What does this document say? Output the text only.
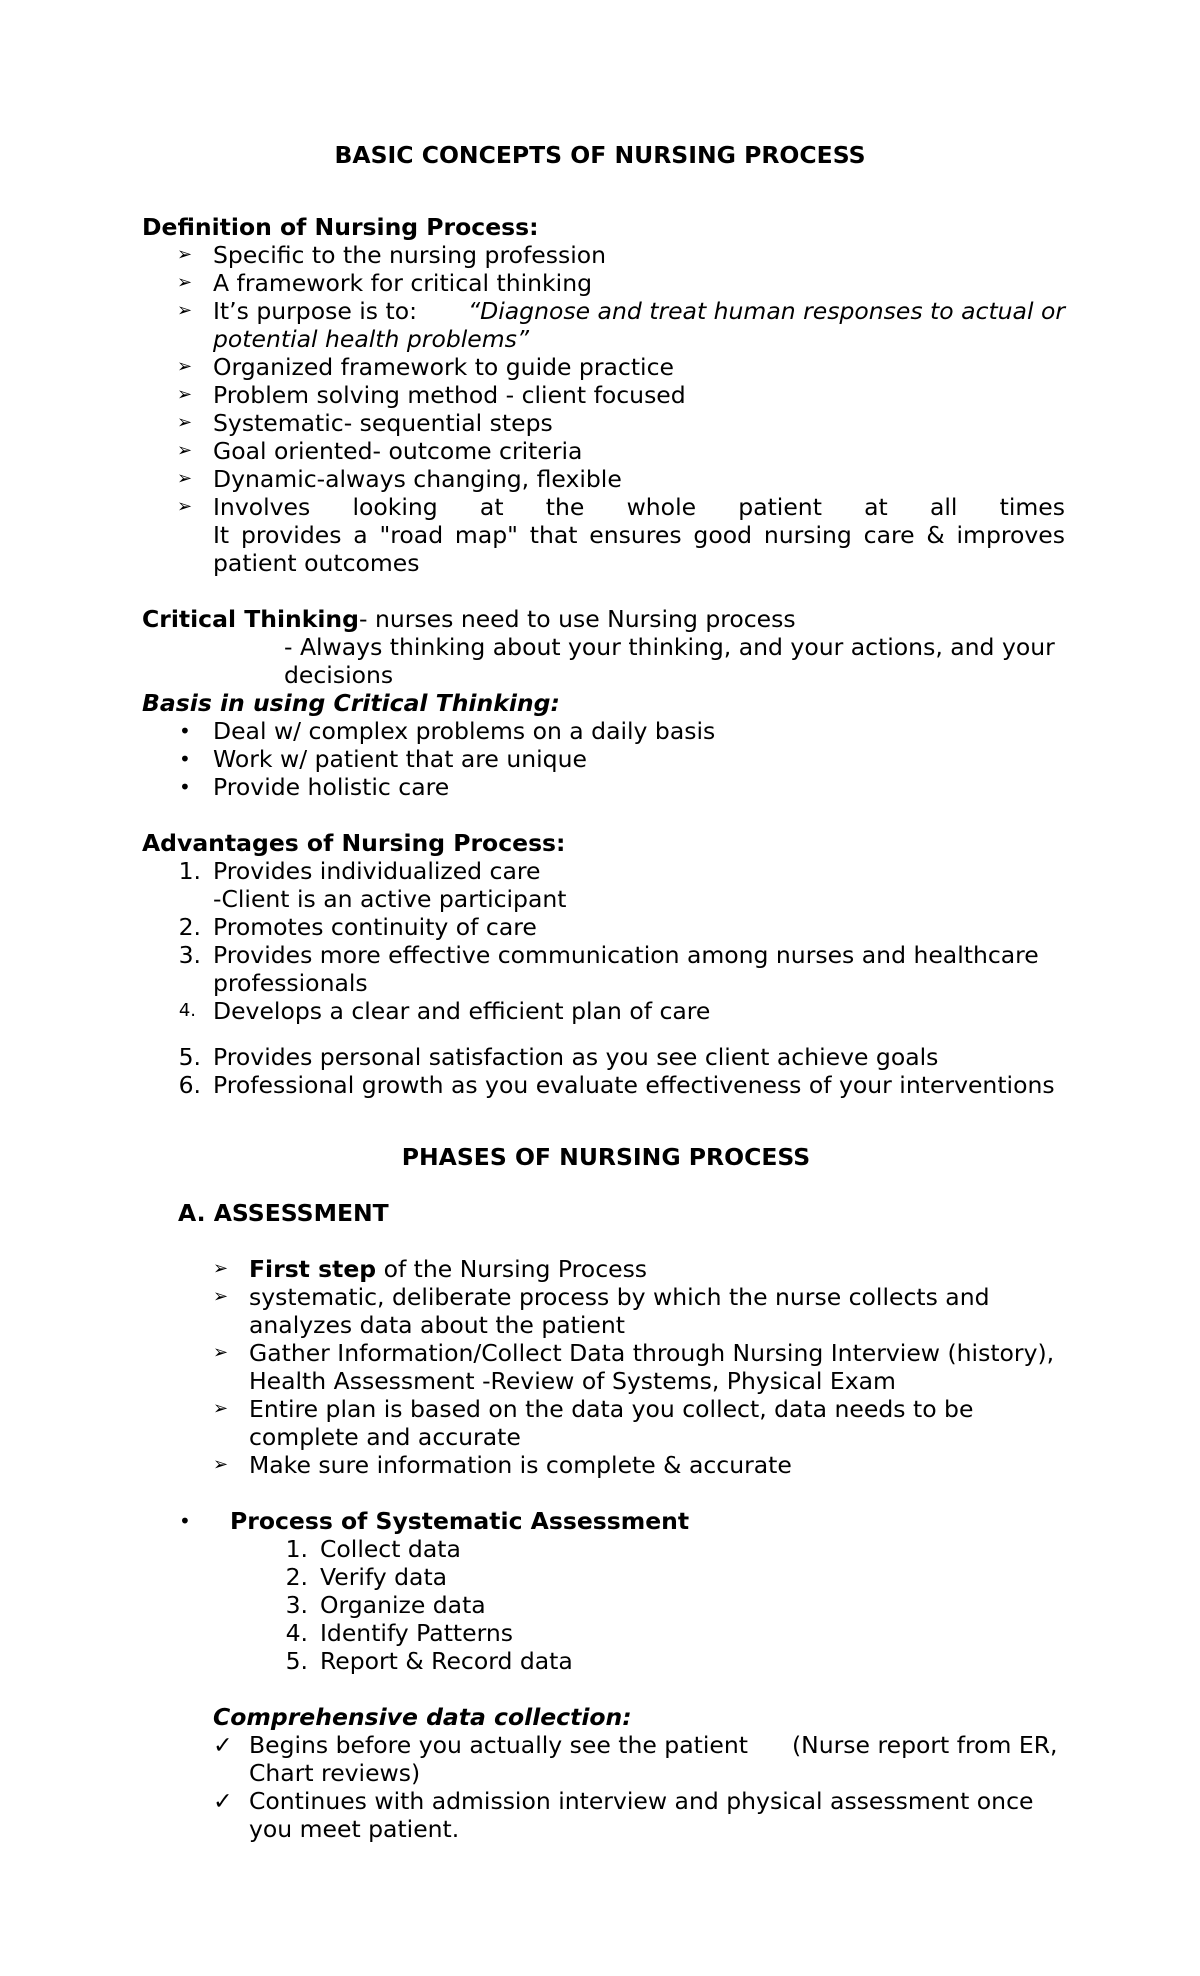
BASIC CONCEPTS OF NURSING PROCESS
Definition of Nursing Process:
➢ Specific to the nursing profession
➢ A framework for critical thinking
➢ It’s purpose is to: “Diagnose and treat human responses to actual or
potential health problems”
➢ Organized framework to guide practice
➢ Problem solving method - client focused
➢ Systematic- sequential steps
➢ Goal oriented- outcome criteria
➢ Dynamic-always changing, flexible
➢ Involves looking at the whole patient at all times
It provides a "road map" that ensures good nursing care & improves
patient outcomes
Critical Thinking- nurses need to use Nursing process
- Always thinking about your thinking, and your actions, and your
decisions
Basis in using Critical Thinking:
• Deal w/ complex problems on a daily basis
• Work w/ patient that are unique
• Provide holistic care
Advantages of Nursing Process:
1. Provides individualized care
-Client is an active participant
2. Promotes continuity of care
3. Provides more effective communication among nurses and healthcare
professionals
4. Develops a clear and efficient plan of care
5. Provides personal satisfaction as you see client achieve goals
6. Professional growth as you evaluate effectiveness of your interventions
PHASES OF NURSING PROCESS
A. ASSESSMENT
➢ First step of the Nursing Process
➢ systematic, deliberate process by which the nurse collects and
analyzes data about the patient
➢ Gather Information/Collect Data through Nursing Interview (history),
Health Assessment -Review of Systems, Physical Exam
➢ Entire plan is based on the data you collect, data needs to be
complete and accurate
➢ Make sure information is complete & accurate
• Process of Systematic Assessment
1. Collect data
2. Verify data
3. Organize data
4. Identify Patterns
5. Report & Record data
Comprehensive data collection:
✓ Begins before you actually see the patient (Nurse report from ER,
Chart reviews)
✓ Continues with admission interview and physical assessment once
you meet patient.
